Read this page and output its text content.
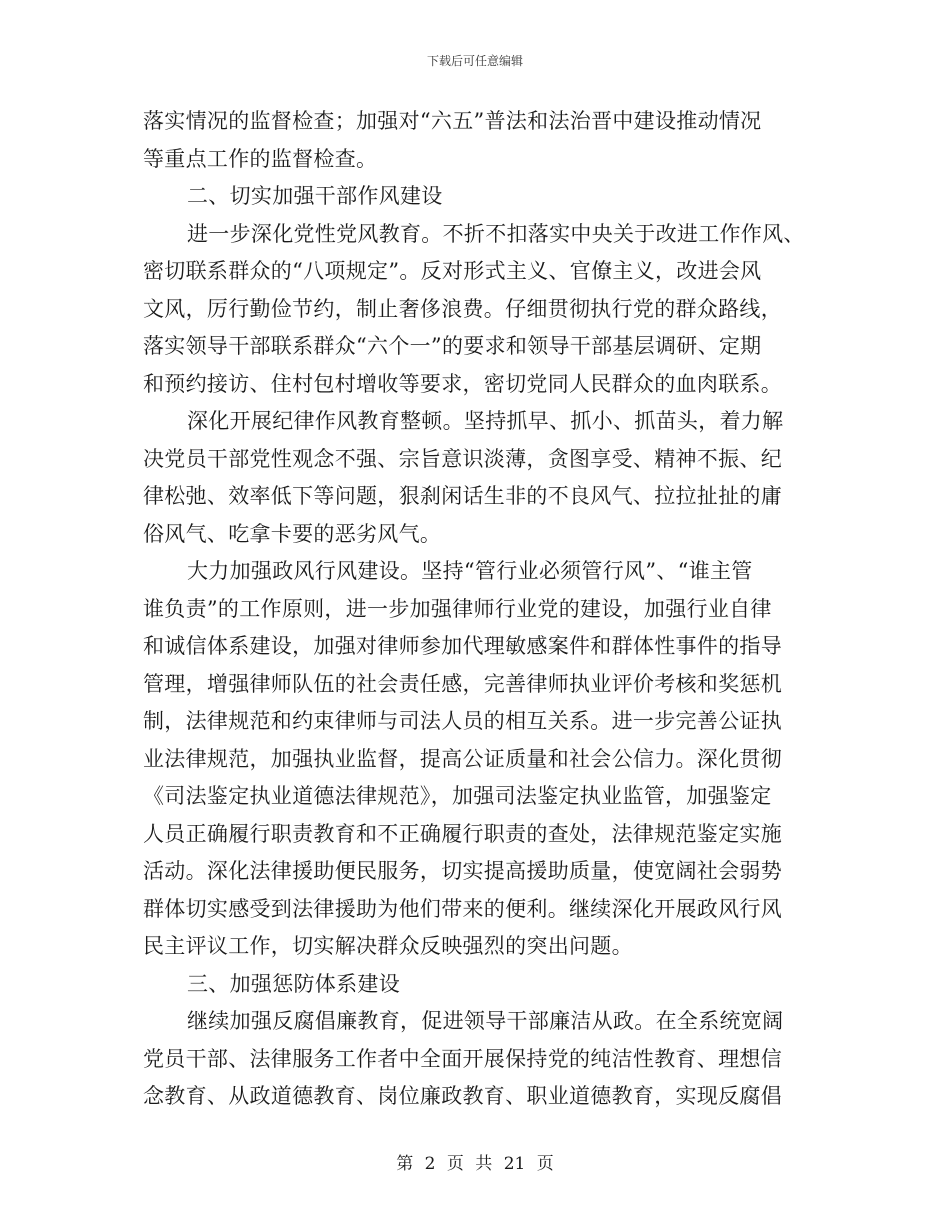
下载后可任意编辑
落实情况的监督检查；加强对“六五”普法和法治晋中建设推动情况
等重点工作的监督检查。
二、切实加强干部作风建设
进一步深化党性党风教育。不折不扣落实中央关于改进工作作风、
密切联系群众的“八项规定”。反对形式主义、官僚主义，改进会风
文风，厉行勤俭节约，制止奢侈浪费。仔细贯彻执行党的群众路线，
落实领导干部联系群众“六个一”的要求和领导干部基层调研、定期
和预约接访、住村包村增收等要求，密切党同人民群众的血肉联系。
深化开展纪律作风教育整顿。坚持抓早、抓小、抓苗头，着力解
决党员干部党性观念不强、宗旨意识淡薄，贪图享受、精神不振、纪
律松弛、效率低下等问题，狠刹闲话生非的不良风气、拉拉扯扯的庸
俗风气、吃拿卡要的恶劣风气。
大力加强政风行风建设。坚持“管行业必须管行风”、“谁主管
谁负责”的工作原则，进一步加强律师行业党的建设，加强行业自律
和诚信体系建设，加强对律师参加代理敏感案件和群体性事件的指导
管理，增强律师队伍的社会责任感，完善律师执业评价考核和奖惩机
制，法律规范和约束律师与司法人员的相互关系。进一步完善公证执
业法律规范，加强执业监督，提高公证质量和社会公信力。深化贯彻
《司法鉴定执业道德法律规范》，加强司法鉴定执业监管，加强鉴定
人员正确履行职责教育和不正确履行职责的查处，法律规范鉴定实施
活动。深化法律援助便民服务，切实提高援助质量，使宽阔社会弱势
群体切实感受到法律援助为他们带来的便利。继续深化开展政风行风
民主评议工作，切实解决群众反映强烈的突出问题。
三、加强惩防体系建设
继续加强反腐倡廉教育，促进领导干部廉洁从政。在全系统宽阔
党员干部、法律服务工作者中全面开展保持党的纯洁性教育、理想信
念教育、从政道德教育、岗位廉政教育、职业道德教育，实现反腐倡
第 2 页 共 21 页
